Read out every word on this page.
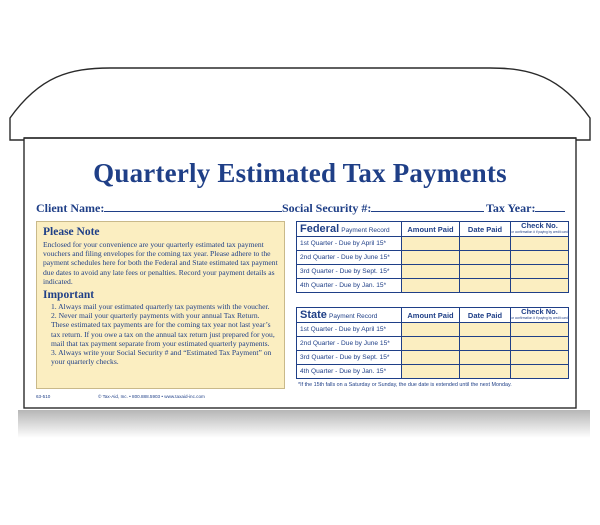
Quarterly Estimated Tax Payments
Client Name:	Social Security #:	Tax Year:
Please Note

Enclosed for your convenience are your quarterly estimated tax payment vouchers and filing envelopes for the coming tax year. Please adhere to the payment schedules here for both the Federal and State estimated tax payment due dates to avoid any late fees or penalties. Record your payment details as indicated.

Important
1. Always mail your estimated quarterly tax payments with the voucher.
2. Never mail your quarterly payments with your annual Tax Return. These estimated tax payments are for the coming tax year not last year’s tax return. If you owe a tax on the annual tax return just prepared for you, mail that tax payment separate from your estimated quarterly payments.
3. Always write your Social Security # and “Estimated Tax Payment” on your quarterly checks.
Federal Payment Record	Amount Paid	Date Paid	Check No.
or confirmation # if paying by credit card

1st Quarter - Due by April 15*			
2nd Quarter - Due by June 15*			
3rd Quarter - Due by Sept. 15*			
4th Quarter - Due by Jan. 15*			
State Payment Record	Amount Paid	Date Paid	Check No.
or confirmation # if paying by credit card

1st Quarter - Due by April 15*			
2nd Quarter - Due by June 15*			
3rd Quarter - Due by Sept. 15*			
4th Quarter - Due by Jan. 15*			
*If the 15th falls on a Saturday or Sunday, the due date is extended until the next Monday.
63-510	© Tax-Aid, Inc. • 800.888.5903 • www.taxaid-inc.com
